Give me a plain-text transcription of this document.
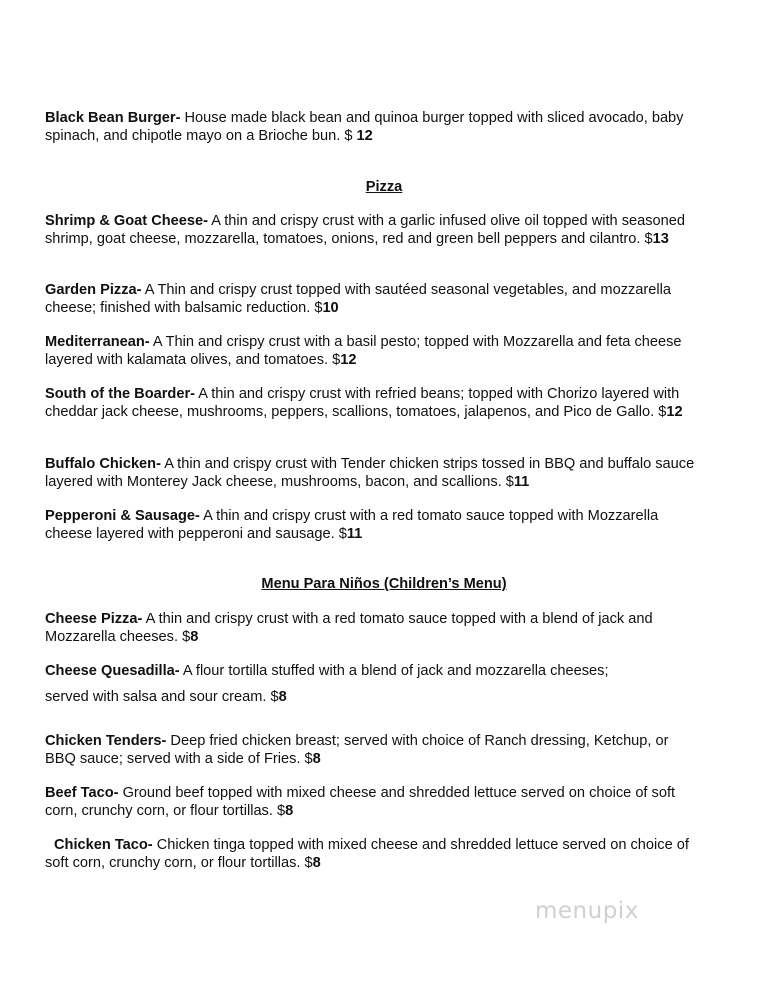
Black Bean Burger- House made black bean and quinoa burger topped with sliced avocado, baby spinach, and chipotle mayo on a Brioche bun. $ 12

Pizza

Shrimp & Goat Cheese- A thin and crispy crust with a garlic infused olive oil topped with seasoned shrimp, goat cheese, mozzarella, tomatoes, onions, red and green bell peppers and cilantro. $13

Garden Pizza- A Thin and crispy crust topped with sautéed seasonal vegetables, and mozzarella cheese; finished with balsamic reduction. $10

Mediterranean- A Thin and crispy crust with a basil pesto; topped with Mozzarella and feta cheese layered with kalamata olives, and tomatoes. $12

South of the Boarder- A thin and crispy crust with refried beans; topped with Chorizo layered with cheddar jack cheese, mushrooms, peppers, scallions, tomatoes, jalapenos, and Pico de Gallo. $12

Buffalo Chicken- A thin and crispy crust with Tender chicken strips tossed in BBQ and buffalo sauce layered with Monterey Jack cheese, mushrooms, bacon, and scallions. $11

Pepperoni & Sausage- A thin and crispy crust with a red tomato sauce topped with Mozzarella cheese layered with pepperoni and sausage. $11

Menu Para Niños (Children’s Menu)

Cheese Pizza- A thin and crispy crust with a red tomato sauce topped with a blend of jack and Mozzarella cheeses. $8

Cheese Quesadilla- A flour tortilla stuffed with a blend of jack and mozzarella cheeses;

served with salsa and sour cream. $8

Chicken Tenders- Deep fried chicken breast; served with choice of Ranch dressing, Ketchup, or BBQ sauce; served with a side of Fries. $8

Beef Taco- Ground beef topped with mixed cheese and shredded lettuce served on choice of soft corn, crunchy corn, or flour tortillas. $8

Chicken Taco- Chicken tinga topped with mixed cheese and shredded lettuce served on choice of soft corn, crunchy corn, or flour tortillas. $8

menupix
